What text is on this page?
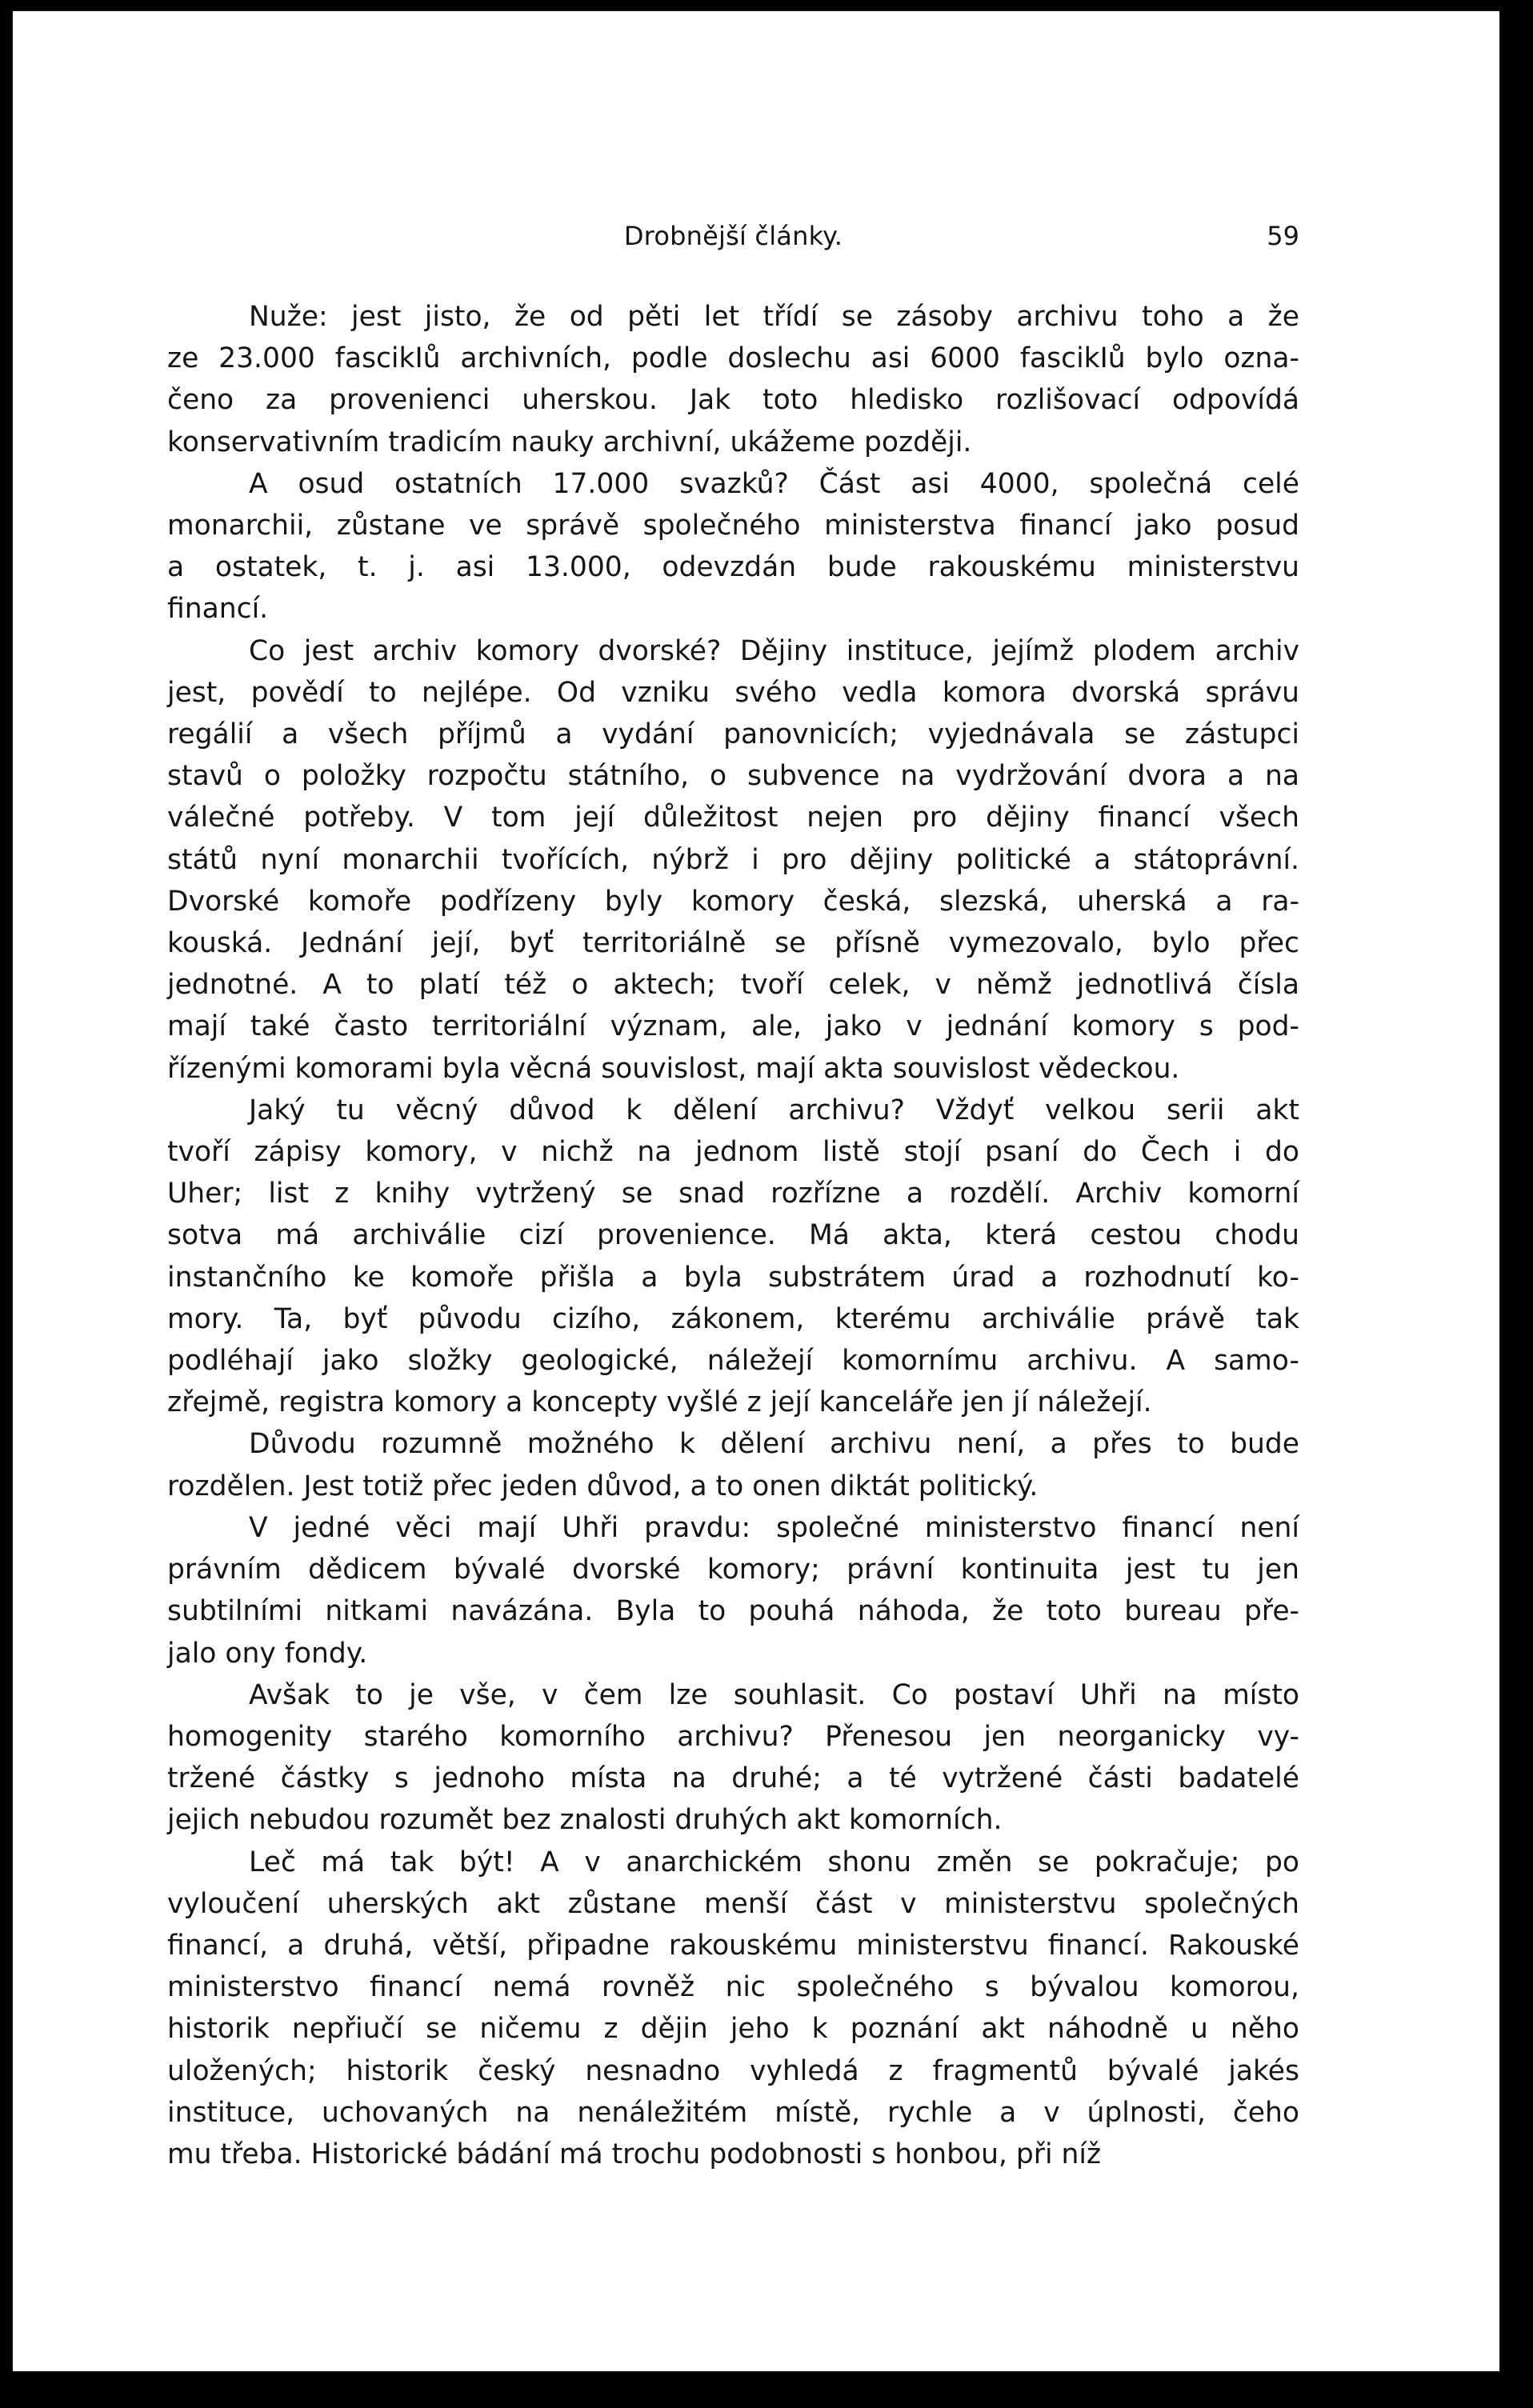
Drobnější články.	59

Nuže: jest jisto, že od pěti let třídí se zásoby archivu toho a že
ze 23.000 fascikIů archivních, podle doslechu asi 6000 fascikIů bylo ozna-
čeno za provenienci uherskou. Jak toto hledisko rozlišovací odpovídá
konservativním tradicím nauky archivní, ukážeme později.

A osud ostatních 17.000 svazků? Část asi 4000, společná celé
monarchii, zůstane ve správě společného ministerstva financí jako posud
a ostatek, t. j. asi 13.000, odevzdán bude rakouskému ministerstvu
financí.

Co jest archiv komory dvorské? Dějiny instituce, jejímž plodem archiv
jest, povědí to nejlépe. Od vzniku svého vedla komora dvorská správu
regálií a všech příjmů a vydání panovnicích; vyjednávala se zástupci
stavů o položky rozpočtu státního, o subvence na vydržování dvora a na
válečné potřeby. V tom její důležitost nejen pro dějiny financí všech
států nyní monarchii tvořících, nýbrž i pro dějiny politické a státoprávní.
Dvorské komoře podřízeny byly komory česká, slezská, uherská a ra-
kouská. Jednání její, byť territoriálně se přísně vymezovalo, bylo přec
jednotné. A to platí též o aktech; tvoří celek, v němž jednotlivá čísla
mají také často territoriální význam, ale, jako v jednání komory s pod-
řízenými komorami byla věcná souvislost, mají akta souvislost vědeckou.

Jaký tu věcný důvod k dělení archivu? Vždyť velkou serii akt
tvoří zápisy komory, v nichž na jednom listě stojí psaní do Čech i do
Uher; list z knihy vytržený se snad rozřízne a rozdělí. Archiv komorní
sotva má archiválie cizí provenience. Má akta, která cestou chodu
instančního ke komoře přišla a byla substrátem úrad a rozhodnutí ko-
mory. Ta, byť původu cizího, zákonem, kterému archiválie právě tak
podléhají jako složky geologické, náležejí komornímu archivu. A samo-
zřejmě, registra komory a koncepty vyšlé z její kanceláře jen jí náležejí.

Důvodu rozumně možného k dělení archivu není, a přes to bude
rozdělen. Jest totiž přec jeden důvod, a to onen diktát politický.

V jedné věci mají Uhři pravdu: společné ministerstvo financí není
právním dědicem bývalé dvorské komory; právní kontinuita jest tu jen
subtilními nitkami navázána. Byla to pouhá náhoda, že toto bureau pře-
jalo ony fondy.

Avšak to je vše, v čem lze souhlasit. Co postaví Uhři na místo
homogenity starého komorního archivu? Přenesou jen neorganicky vy-
tržené částky s jednoho místa na druhé; a té vytržené části badatelé
jejich nebudou rozumět bez znalosti druhých akt komorních.

Leč má tak být! A v anarchickém shonu změn se pokračuje; po
vyloučení uherských akt zůstane menší část v ministerstvu společných
financí, a druhá, větší, připadne rakouskému ministerstvu financí. Rakouské
ministerstvo financí nemá rovněž nic společného s bývalou komorou,
historik nepřiučí se ničemu z dějin jeho k poznání akt náhodně u něho
uložených; historik český nesnadno vyhledá z fragmentů bývalé jakés
instituce, uchovaných na nenáležitém místě, rychle a v úplnosti, čeho
mu třeba. Historické bádání má trochu podobnosti s honbou, při níž
